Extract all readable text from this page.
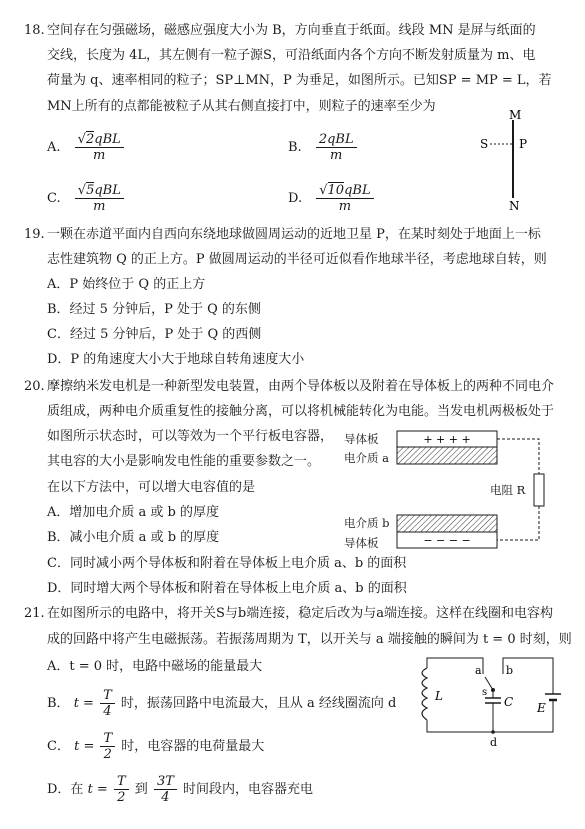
18. 空间存在匀强磁场，磁感应强度大小为 B，方向垂直于纸面。线段 MN 是屏与纸面的
交线，长度为 4L，其左侧有一粒子源S，可沿纸面内各个方向不断发射质量为 m、电
荷量为 q、速率相同的粒子；SP⊥MN，P 为垂足，如图所示。已知SP = MP = L，若
MN上所有的点都能被粒子从其右侧直接打中，则粒子的速率至少为
A. $\frac{\text{√2qBL}}{m}$	B. $\frac{\text{2qBL}}{m}$
C. $\frac{\text{√5qBL}}{m}$	D. $\frac{\text{√10qBL}}{m}$
M
S	P
N
19. 一颗在赤道平面内自西向东绕地球做圆周运动的近地卫星 P，在某时刻处于地面上一标
志性建筑物 Q 的正上方。P 做圆周运动的半径可近似看作地球半径，考虑地球自转，则
A．P 始终位于 Q 的正上方
B．经过 5 分钟后，P 处于 Q 的东侧
C．经过 5 分钟后，P 处于 Q 的西侧
D．P 的角速度大小大于地球自转角速度大小
20. 摩擦纳米发电机是一种新型发电装置，由两个导体板以及附着在导体板上的两种不同电介
质组成，两种电介质重复性的接触分离，可以将机械能转化为电能。当发电机两极板处于
如图所示状态时，可以等效为一个平行板电容器，
其电容的大小是影响发电性能的重要参数之一。
在以下方法中，可以增大电容值的是
A．增加电介质 a 或 b 的厚度
B．减小电介质 a 或 b 的厚度
C．同时减小两个导体板和附着在导体板上电介质 a、b 的面积
D．同时增大两个导体板和附着在导体板上电介质 a、b 的面积
导体板
电介质 a
电阻 R
电介质 b
导体板
+ + + +
− − − −
21. 在如图所示的电路中，将开关S与b端连接，稳定后改为与a端连接。这样在线圈和电容构
成的回路中将产生电磁振荡。若振荡周期为 T，以开关与 a 端接触的瞬间为 t = 0 时刻，则
A．t = 0 时，电路中磁场的能量最大
B． $t = \frac{T}{4}$ 时，振荡回路中电流最大，且从 a 经线圈流向 d
C． $t = \frac{T}{2}$ 时，电容器的电荷量最大
D．在 $t = \frac{T}{2}$ 到 $\frac{3T}{4}$ 时间段内，电容器充电
a b
s
L	C E
d
